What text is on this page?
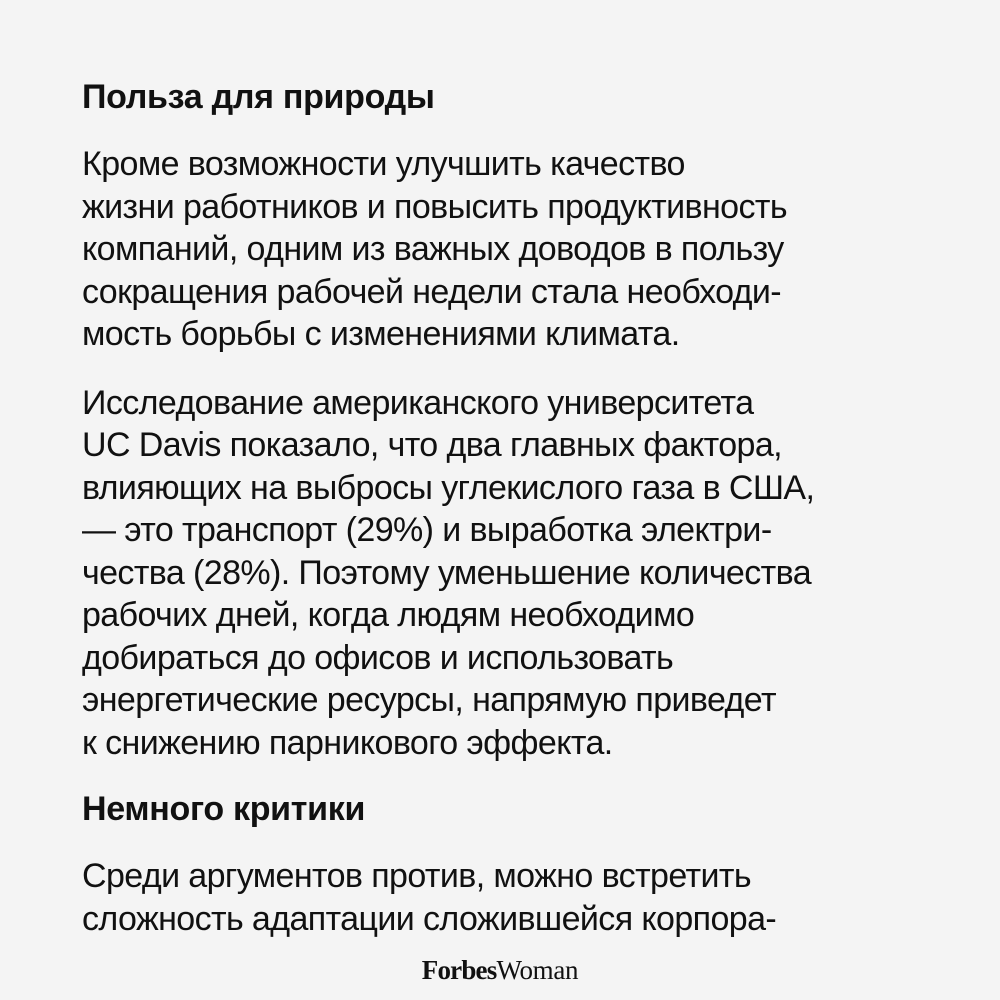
Польза для природы

Кроме возможности улучшить качество
жизни работников и повысить продуктивность
компаний, одним из важных доводов в пользу
сокращения рабочей недели стала необходи-
мость борьбы с изменениями климата.

Исследование американского университета
UC Davis показало, что два главных фактора,
влияющих на выбросы углекислого газа в США,
— это транспорт (29%) и выработка электри-
чества (28%). Поэтому уменьшение количества
рабочих дней, когда людям необходимо
добираться до офисов и использовать
энергетические ресурсы, напрямую приведет
к снижению парникового эффекта.

Немного критики

Среди аргументов против, можно встретить
сложность адаптации сложившейся корпора-

ForbesWoman
